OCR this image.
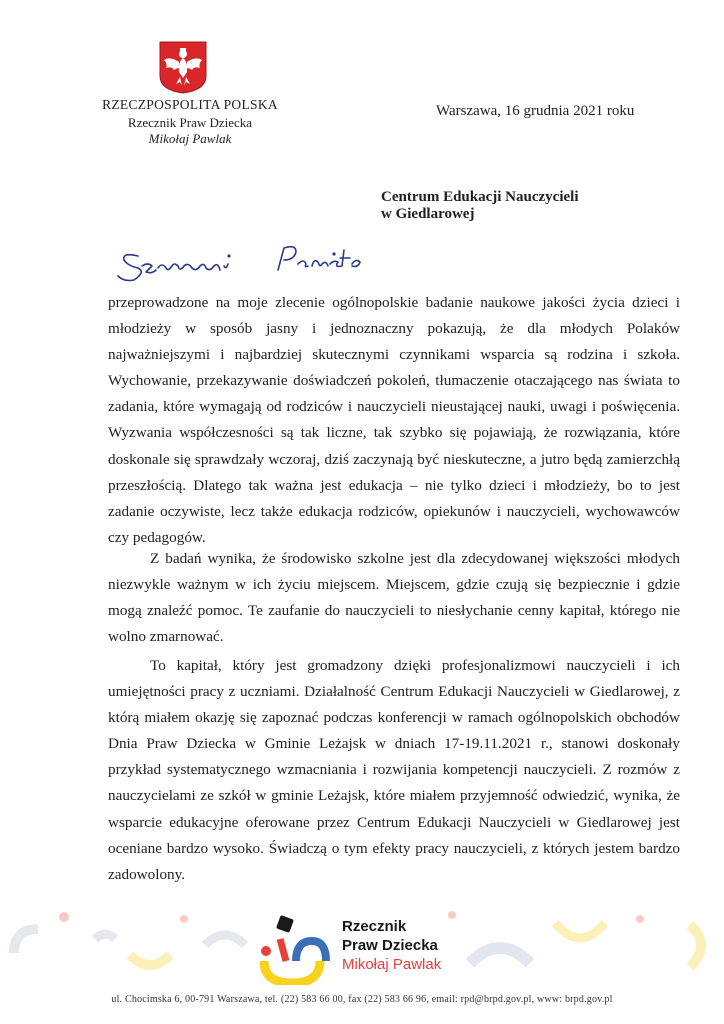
RZECZPOSPOLITA POLSKA
Rzecznik Praw Dziecka
Mikołaj Pawlak
Warszawa, 16 grudnia 2021 roku
Centrum Edukacji Nauczycieli
w Giedlarowej
przeprowadzone na moje zlecenie ogólnopolskie badanie naukowe jakości życia dzieci i młodzieży w sposób jasny i jednoznaczny pokazują, że dla młodych Polaków najważniejszymi i najbardziej skutecznymi czynnikami wsparcia są rodzina i szkoła. Wychowanie, przekazywanie doświadczeń pokoleń, tłumaczenie otaczającego nas świata to zadania, które wymagają od rodziców i nauczycieli nieustającej nauki, uwagi i poświęcenia. Wyzwania współczesności są tak liczne, tak szybko się pojawiają, że rozwiązania, które doskonale się sprawdzały wczoraj, dziś zaczynają być nieskuteczne, a jutro będą zamierzchłą przeszłością. Dlatego tak ważna jest edukacja – nie tylko dzieci i młodzieży, bo to jest zadanie oczywiste, lecz także edukacja rodziców, opiekunów i nauczycieli, wychowawców czy pedagogów.
Z badań wynika, że środowisko szkolne jest dla zdecydowanej większości młodych niezwykle ważnym w ich życiu miejscem. Miejscem, gdzie czują się bezpiecznie i gdzie mogą znaleźć pomoc. Te zaufanie do nauczycieli to niesłychanie cenny kapitał, którego nie wolno zmarnować.
To kapitał, który jest gromadzony dzięki profesjonalizmowi nauczycieli i ich umiejętności pracy z uczniami. Działalność Centrum Edukacji Nauczycieli w Giedlarowej, z którą miałem okazję się zapoznać podczas konferencji w ramach ogólnopolskich obchodów Dnia Praw Dziecka w Gminie Leżajsk w dniach 17-19.11.2021 r., stanowi doskonały przykład systematycznego wzmacniania i rozwijania kompetencji nauczycieli. Z rozmów z nauczycielami ze szkół w gminie Leżajsk, które miałem przyjemność odwiedzić, wynika, że wsparcie edukacyjne oferowane przez Centrum Edukacji Nauczycieli w Giedlarowej jest oceniane bardzo wysoko. Świadczą o tym efekty pracy nauczycieli, z których jestem bardzo zadowolony.
Rzecznik
Praw Dziecka
Mikołaj Pawlak
ul. Chocimska 6, 00-791 Warszawa, tel. (22) 583 66 00, fax (22) 583 66 96, email: rpd@brpd.gov.pl, www: brpd.gov.pl
